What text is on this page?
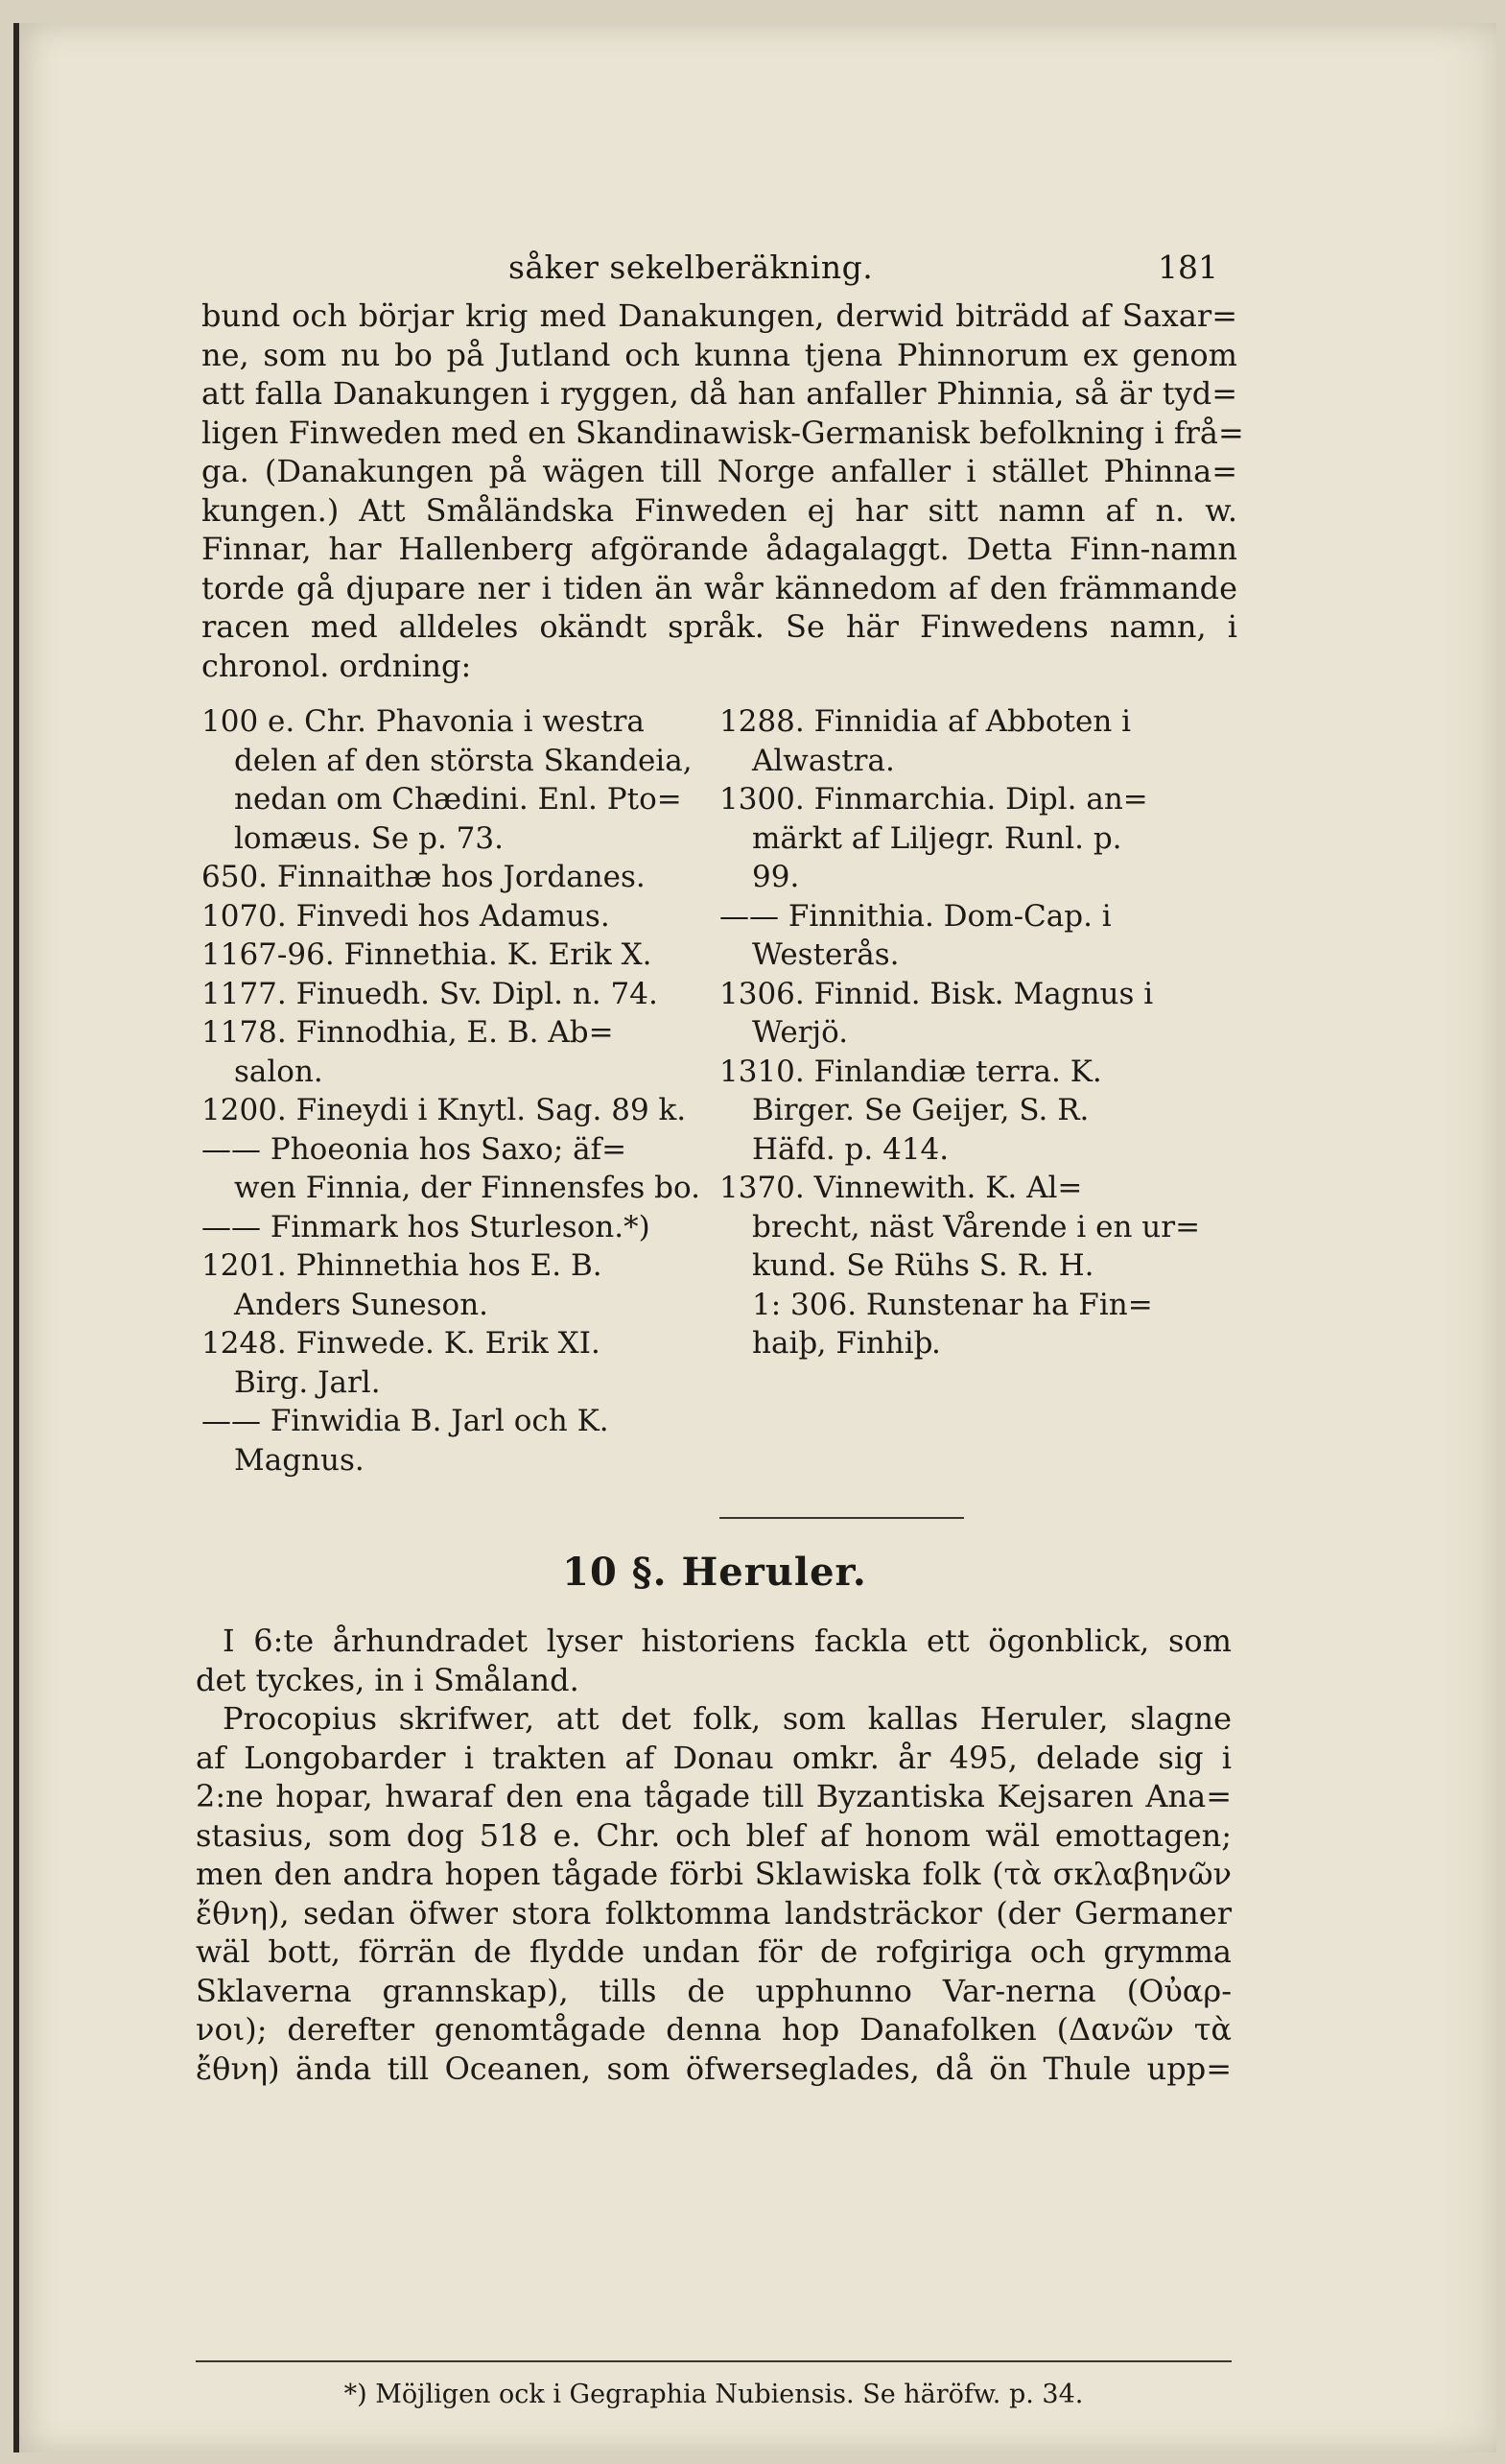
såker sekelberäkning.	181
bund och börjar krig med Danakungen, derwid biträdd af Saxar=
ne, som nu bo på Jutland och kunna tjena Phinnorum ex genom
att falla Danakungen i ryggen, då han anfaller Phinnia, så är tyd=
ligen Finweden med en Skandinawisk-Germanisk befolkning i frå=
ga. (Danakungen på wägen till Norge anfaller i stället Phinna=
kungen.) Att Småländska Finweden ej har sitt namn af n. w.
Finnar, har Hallenberg afgörande ådagalaggt. Detta Finn-namn
torde gå djupare ner i tiden än wår kännedom af den främmande
racen med alldeles okändt språk. Se här Finwedens namn, i
chronol. ordning:
100 e. Chr. Phavonia i westra
delen af den största Skandeia,
nedan om Chædini. Enl. Pto=
lomæus. Se p. 73.
650. Finnaithæ hos Jordanes.
1070. Finvedi hos Adamus.
1167-96. Finnethia. K. Erik X.
1177. Finuedh. Sv. Dipl. n. 74.
1178. Finnodhia, E. B. Ab=
salon.
1200. Fineydi i Knytl. Sag. 89 k.
—— Phoeonia hos Saxo; äf=
wen Finnia, der Finnensfes bo.
—— Finmark hos Sturleson.*)
1201. Phinnethia hos E. B.
Anders Suneson.
1248. Finwede. K. Erik XI.
Birg. Jarl.
—— Finwidia B. Jarl och K.
Magnus.
1288. Finnidia af Abboten i
Alwastra.
1300. Finmarchia. Dipl. an=
märkt af Liljegr. Runl. p.
99.
—— Finnithia. Dom-Cap. i
Westerås.
1306. Finnid. Bisk. Magnus i
Werjö.
1310. Finlandiæ terra. K.
Birger. Se Geijer, S. R.
Häfd. p. 414.
1370. Vinnewith. K. Al=
brecht, näst Vårende i en ur=
kund. Se Rühs S. R. H.
1: 306. Runstenar ha Fin=
haiþ, Finhiþ.
10 §. Heruler.
I 6:te århundradet lyser historiens fackla ett ögonblick, som
det tyckes, in i Småland.
Procopius skrifwer, att det folk, som kallas Heruler, slagne
af Longobarder i trakten af Donau omkr. år 495, delade sig i
2:ne hopar, hwaraf den ena tågade till Byzantiska Kejsaren Ana=
stasius, som dog 518 e. Chr. och blef af honom wäl emottagen;
men den andra hopen tågade förbi Sklawiska folk (τὰ σκλαβηνῶν
ἔθνη), sedan öfwer stora folktomma landsträckor (der Germaner
wäl bott, förrän de flydde undan för de rofgiriga och grymma
Sklaverna grannskap), tills de upphunno Var-nerna (Οὐαρ-
νοι); derefter genomtågade denna hop Danafolken (Δανῶν τὰ
ἔθνη) ända till Oceanen, som öfwerseglades, då ön Thule upp=
*) Möjligen ock i Gegraphia Nubiensis. Se häröfw. p. 34.
